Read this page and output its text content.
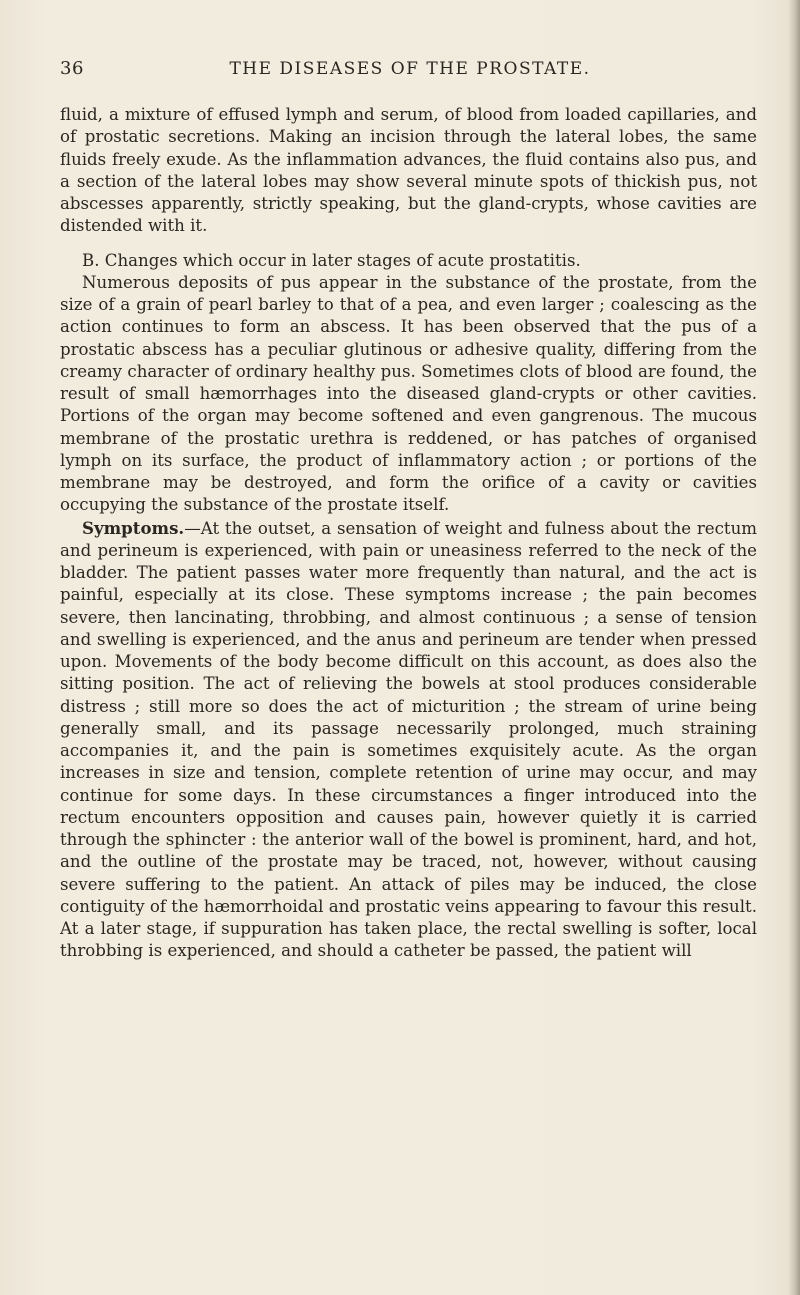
36	THE DISEASES OF THE PROSTATE.

fluid, a mixture of effused lymph and serum, of blood from loaded capillaries, and of prostatic secretions. Making an incision through the lateral lobes, the same fluids freely exude. As the inflammation advances, the fluid contains also pus, and a section of the lateral lobes may show several minute spots of thickish pus, not abscesses apparently, strictly speaking, but the gland-crypts, whose cavities are distended with it.

B. Changes which occur in later stages of acute prostatitis.

Numerous deposits of pus appear in the substance of the prostate, from the size of a grain of pearl barley to that of a pea, and even larger ; coalescing as the action continues to form an abscess. It has been observed that the pus of a prostatic abscess has a peculiar glutinous or adhesive quality, differing from the creamy character of ordinary healthy pus. Sometimes clots of blood are found, the result of small hæmorrhages into the diseased gland-crypts or other cavities. Portions of the organ may become softened and even gangrenous. The mucous membrane of the prostatic urethra is reddened, or has patches of organised lymph on its surface, the product of inflammatory action ; or portions of the membrane may be destroyed, and form the orifice of a cavity or cavities occupying the substance of the prostate itself.

Symptoms.—At the outset, a sensation of weight and fulness about the rectum and perineum is experienced, with pain or uneasiness referred to the neck of the bladder. The patient passes water more frequently than natural, and the act is painful, especially at its close. These symptoms increase ; the pain becomes severe, then lancinating, throbbing, and almost continuous ; a sense of tension and swelling is experienced, and the anus and perineum are tender when pressed upon. Movements of the body become difficult on this account, as does also the sitting position. The act of relieving the bowels at stool produces considerable distress ; still more so does the act of micturition ; the stream of urine being generally small, and its passage necessarily prolonged, much straining accompanies it, and the pain is sometimes exquisitely acute. As the organ increases in size and tension, complete retention of urine may occur, and may continue for some days. In these circumstances a finger introduced into the rectum encounters opposition and causes pain, however quietly it is carried through the sphincter : the anterior wall of the bowel is prominent, hard, and hot, and the outline of the prostate may be traced, not, however, without causing severe suffering to the patient. An attack of piles may be induced, the close contiguity of the hæmorrhoidal and prostatic veins appearing to favour this result. At a later stage, if suppuration has taken place, the rectal swelling is softer, local throbbing is experienced, and should a catheter be passed, the patient will
